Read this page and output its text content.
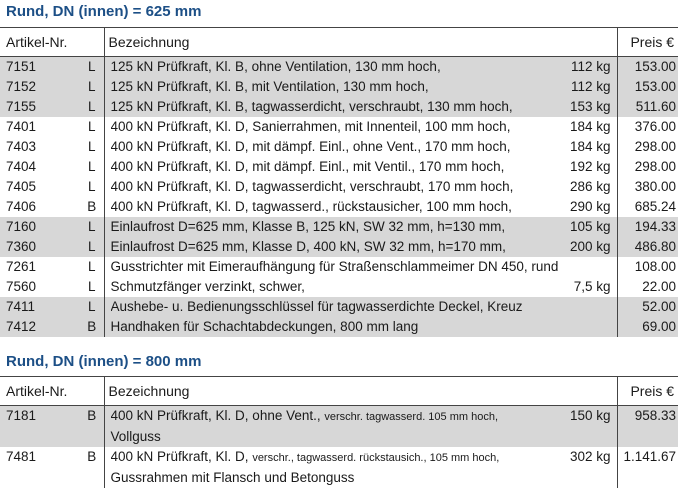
Rund, DN (innen) = 625 mm
Artikel-Nr.		Bezeichnung	Preis €
7151	L	125 kN Prüfkraft, Kl. B, ohne Ventilation, 130 mm hoch, 112 kg	153.00
7152	L	125 kN Prüfkraft, Kl. B, mit Ventilation, 130 mm hoch, 112 kg	153.00
7155	L	125 kN Prüfkraft, Kl. B, tagwasserdicht, verschraubt, 130 mm hoch, 153 kg	511.60
7401	L	400 kN Prüfkraft, Kl. D, Sanierrahmen, mit Innenteil, 100 mm hoch, 184 kg	376.00
7403	L	400 kN Prüfkraft, Kl. D, mit dämpf. Einl., ohne Vent., 170 mm hoch, 184 kg	298.00
7404	L	400 kN Prüfkraft, Kl. D, mit dämpf. Einl., mit Ventil., 170 mm hoch, 192 kg	298.00
7405	L	400 kN Prüfkraft, Kl. D, tagwasserdicht, verschraubt, 170 mm hoch, 286 kg	380.00
7406	B	400 kN Prüfkraft, Kl. D, tagwasserd., rückstausicher, 100 mm hoch, 290 kg	685.24
7160	L	Einlaufrost D=625 mm, Klasse B, 125 kN, SW 32 mm, h=130 mm, 105 kg	194.33
7360	L	Einlaufrost D=625 mm, Klasse D, 400 kN, SW 32 mm, h=170 mm, 200 kg	486.80
7261	L	Gusstrichter mit Eimeraufhängung für Straßenschlammeimer DN 450, rund	108.00
7560	L	Schmutzfänger verzinkt, schwer, 7,5 kg	22.00
7411	L	Aushebe- u. Bedienungsschlüssel für tagwasserdichte Deckel, Kreuz	52.00
7412	B	Handhaken für Schachtabdeckungen, 800 mm lang	69.00
Rund, DN (innen) = 800 mm
Artikel-Nr.		Bezeichnung	Preis €
7181	B	400 kN Prüfkraft, Kl. D, ohne Vent., verschr. tagwasserd. 105 mm hoch, 150 kg
Vollguss	958.33
7481	B	400 kN Prüfkraft, Kl. D, verschr., tagwasserd. rückstausich., 105 mm hoch, 302 kg
Gussrahmen mit Flansch und Betonguss	1.141.67
